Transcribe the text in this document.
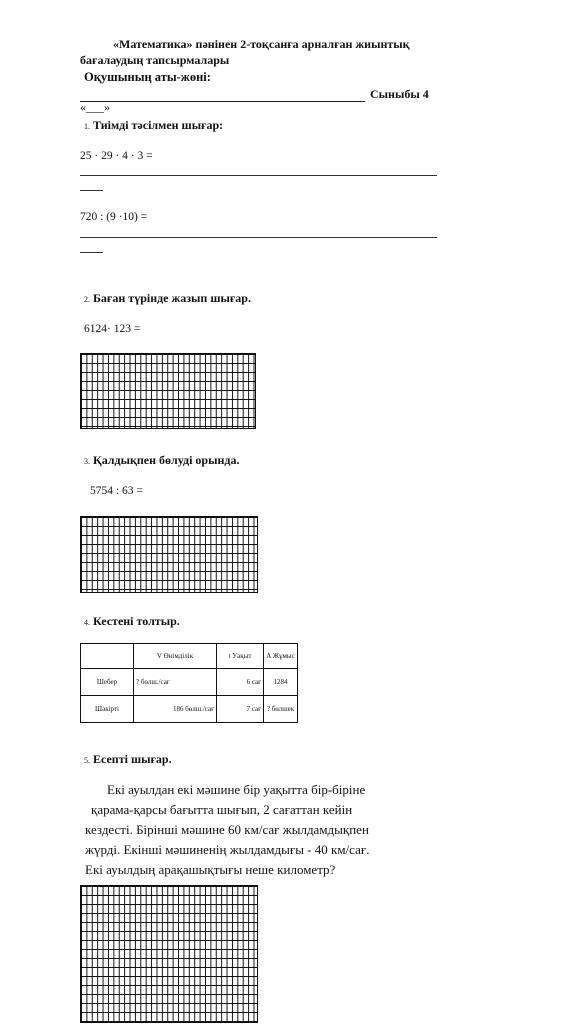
«Математика» пәнінен 2-тоқсанға арналған жиынтық
бағалаудың тапсырмалары
Оқушының аты-жөні:
Сыныбы 4
«___»
1. Тиімді тәсілмен шығар:
25 · 29 · 4 · 3 =
720 : (9 ·10) =
2. Баған түрінде жазып шығар.
6124· 123 =
3. Қалдықпен бөлуді орында.
5754 : 63 =
4. Кестені толтыр.
	V Өнімділік	t Уақыт	A Жұмыс
Шебер	? бөлш./сағ	6 сағ	1284
Шәкірті	186 бөлш./сағ	7 сағ	? бөлшек
5. Есепті шығар.

Екі ауылдан екі мәшине бір уақытта бір-біріне

қарама-қарсы бағытта шығып, 2 сағаттан кейін

кездесті. Бірінші мәшине 60 км/сағ жылдамдықпен

жүрді. Екінші мәшиненің жылдамдығы - 40 км/сағ.

Екі ауылдың арақашықтығы неше километр?
